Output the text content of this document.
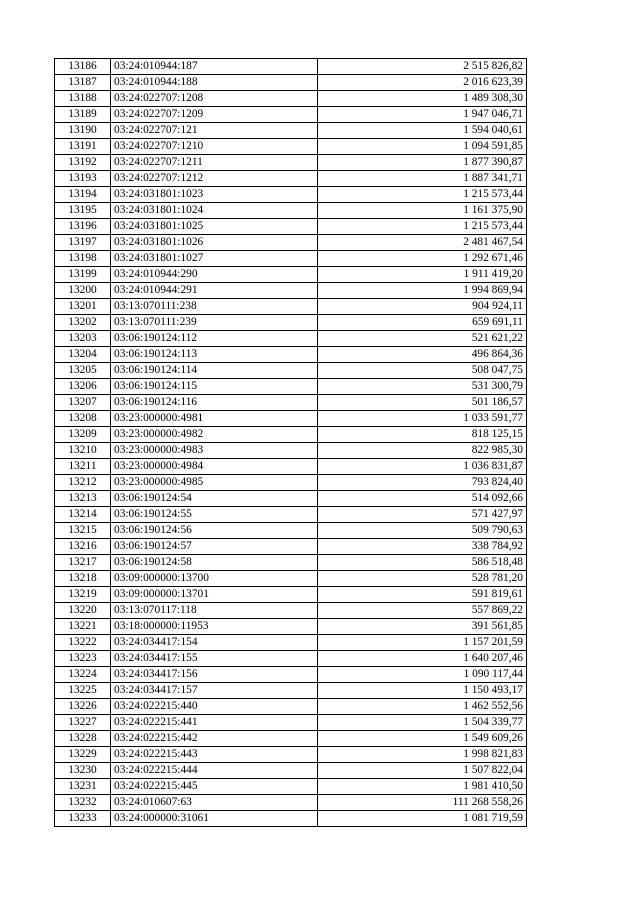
13186	03:24:010944:187	2 515 826,82
13187	03:24:010944:188	2 016 623,39
13188	03:24:022707:1208	1 489 308,30
13189	03:24:022707:1209	1 947 046,71
13190	03:24:022707:121	1 594 040,61
13191	03:24:022707:1210	1 094 591,85
13192	03:24:022707:1211	1 877 390,87
13193	03:24:022707:1212	1 887 341,71
13194	03:24:031801:1023	1 215 573,44
13195	03:24:031801:1024	1 161 375,90
13196	03:24:031801:1025	1 215 573,44
13197	03:24:031801:1026	2 481 467,54
13198	03:24:031801:1027	1 292 671,46
13199	03:24:010944:290	1 911 419,20
13200	03:24:010944:291	1 994 869,94
13201	03:13:070111:238	904 924,11
13202	03:13:070111:239	659 691,11
13203	03:06:190124:112	521 621,22
13204	03:06:190124:113	496 864,36
13205	03:06:190124:114	508 047,75
13206	03:06:190124:115	531 300,79
13207	03:06:190124:116	501 186,57
13208	03:23:000000:4981	1 033 591,77
13209	03:23:000000:4982	818 125,15
13210	03:23:000000:4983	822 985,30
13211	03:23:000000:4984	1 036 831,87
13212	03:23:000000:4985	793 824,40
13213	03:06:190124:54	514 092,66
13214	03:06:190124:55	571 427,97
13215	03:06:190124:56	509 790,63
13216	03:06:190124:57	338 784,92
13217	03:06:190124:58	586 518,48
13218	03:09:000000:13700	528 781,20
13219	03:09:000000:13701	591 819,61
13220	03:13:070117:118	557 869,22
13221	03:18:000000:11953	391 561,85
13222	03:24:034417:154	1 157 201,59
13223	03:24:034417:155	1 640 207,46
13224	03:24:034417:156	1 090 117,44
13225	03:24:034417:157	1 150 493,17
13226	03:24:022215:440	1 462 552,56
13227	03:24:022215:441	1 504 339,77
13228	03:24:022215:442	1 549 609,26
13229	03:24:022215:443	1 998 821,83
13230	03:24:022215:444	1 507 822,04
13231	03:24:022215:445	1 981 410,50
13232	03:24:010607:63	111 268 558,26
13233	03:24:000000:31061	1 081 719,59
